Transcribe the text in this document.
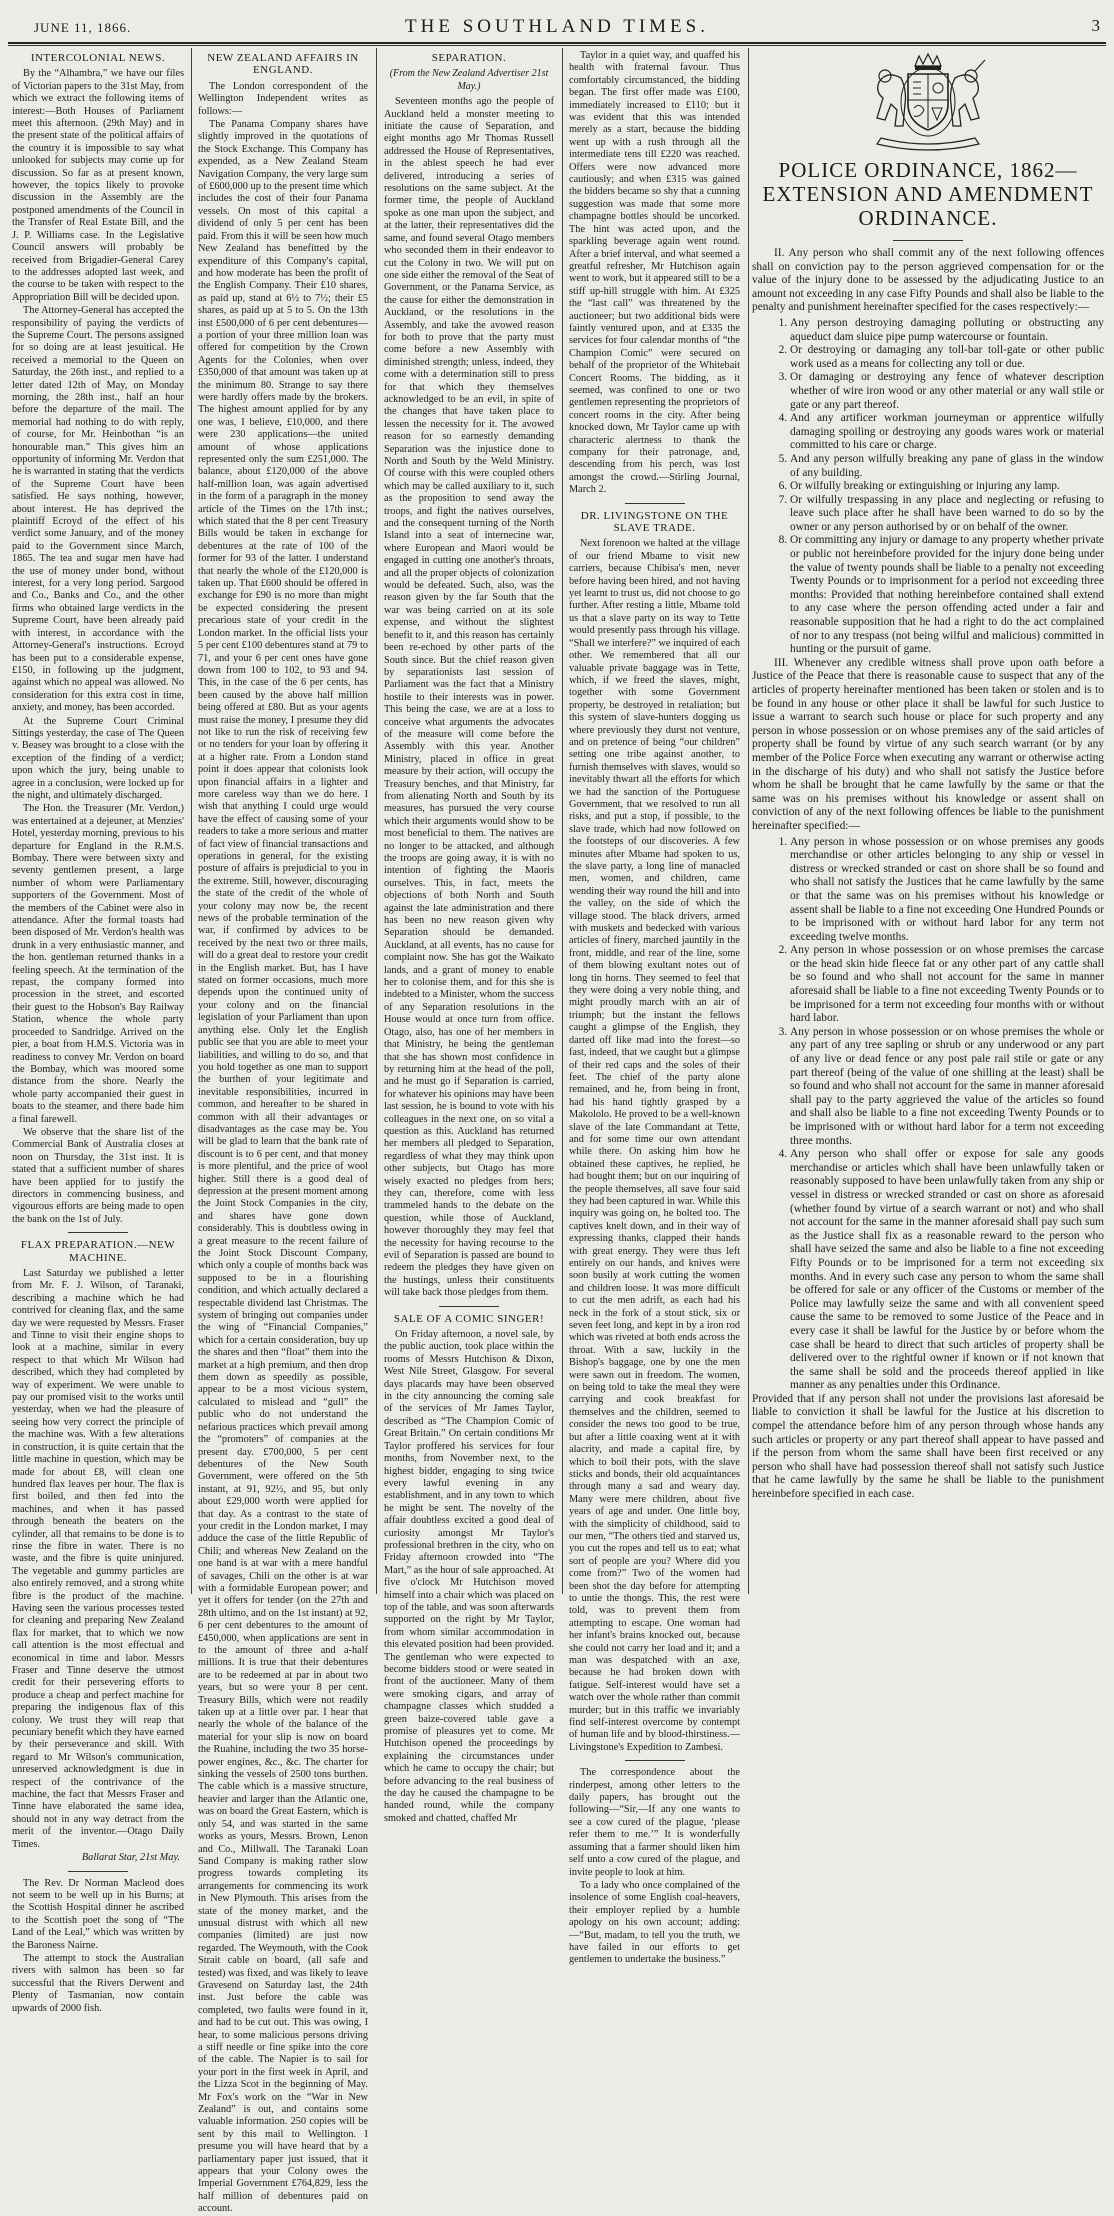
JUNE 11, 1866.	THE SOUTHLAND TIMES.	3
INTERCOLONIAL NEWS.

By the “Alhambra,” we have our files of Victorian papers to the 31st May, from which we extract the following items of interest:—Both Houses of Parliament meet this afternoon. (29th May) and in the present state of the political affairs of the country it is impossible to say what unlooked for subjects may come up for discussion. So far as at present known, however, the topics likely to provoke discussion in the Assembly are the postponed amendments of the Council in the Transfer of Real Estate Bill, and the J. P. Williams case. In the Legislative Council answers will probably be received from Brigadier-General Carey to the addresses adopted last week, and the course to be taken with respect to the Appropriation Bill will be decided upon.

The Attorney-General has accepted the responsibility of paying the verdicts of the Supreme Court. The persons assigned for so doing are at least jesuitical. He received a memorial to the Queen on Saturday, the 26th inst., and replied to a letter dated 12th of May, on Monday morning, the 28th inst., half an hour before the departure of the mail. The memorial had nothing to do with reply, of course, for Mr. Heinbothan “is an honourable man.” This gives him an opportunity of informing Mr. Verdon that he is warranted in stating that the verdicts of the Supreme Court have been satisfied. He says nothing, however, about interest. He has deprived the plaintiff Ecroyd of the effect of his verdict some January, and of the money paid to the Government since March, 1865. The tea and sugar men have had the use of money under bond, without interest, for a very long period. Sargood and Co., Banks and Co., and the other firms who obtained large verdicts in the Supreme Court, have been already paid with interest, in accordance with the Attorney-General's instructions. Ecroyd has been put to a considerable expense, £150, in following up the judgment, against which no appeal was allowed. No consideration for this extra cost in time, anxiety, and money, has been accorded.

At the Supreme Court Criminal Sittings yesterday, the case of The Queen v. Beasey was brought to a close with the exception of the finding of a verdict; upon which the jury, being unable to agree in a conclusion, were locked up for the night, and ultimately discharged.

The Hon. the Treasurer (Mr. Verdon,) was entertained at a dejeuner, at Menzies' Hotel, yesterday morning, previous to his departure for England in the R.M.S. Bombay. There were between sixty and seventy gentlemen present, a large number of whom were Parliamentary supporters of the Government. Most of the members of the Cabinet were also in attendance. After the formal toasts had been disposed of Mr. Verdon's health was drunk in a very enthusiastic manner, and the hon. gentleman returned thanks in a feeling speech. At the termination of the repast, the company formed into procession in the street, and escorted their guest to the Hobson's Bay Railway Station, whence the whole party proceeded to Sandridge. Arrived on the pier, a boat from H.M.S. Victoria was in readiness to convey Mr. Verdon on board the Bombay, which was moored some distance from the shore. Nearly the whole party accompanied their guest in boats to the steamer, and there bade him a final farewell.

We observe that the share list of the Commercial Bank of Australia closes at noon on Thursday, the 31st inst. It is stated that a sufficient number of shares have been applied for to justify the directors in commencing business, and vigourous efforts are being made to open the bank on the 1st of July.

FLAX PREPARATION.—NEW MACHINE.

Last Saturday we published a letter from Mr. F. J. Wilson, of Taranaki, describing a machine which he had contrived for cleaning flax, and the same day we were requested by Messrs. Fraser and Tinne to visit their engine shops to look at a machine, similar in every respect to that which Mr Wilson had described, which they had completed by way of experiment. We were unable to pay our promised visit to the works until yesterday, when we had the pleasure of seeing how very correct the principle of the machine was. With a few alterations in construction, it is quite certain that the little machine in question, which may be made for about £8, will clean one hundred flax leaves per hour. The flax is first boiled, and then fed into the machines, and when it has passed through beneath the beaters on the cylinder, all that remains to be done is to rinse the fibre in water. There is no waste, and the fibre is quite uninjured. The vegetable and gummy particles are also entirely removed, and a strong white fibre is the product of the machine. Having seen the various processes tested for cleaning and preparing New Zealand flax for market, that to which we now call attention is the most effectual and economical in time and labor. Messrs Fraser and Tinne deserve the utmost credit for their persevering efforts to produce a cheap and perfect machine for preparing the indigenous flax of this colony. We trust they will reap that pecuniary benefit which they have earned by their perseverance and skill. With regard to Mr Wilson's communication, unreserved acknowledgment is due in respect of the contrivance of the machine, the fact that Messrs Fraser and Tinne have elaborated the same idea, should not in any way detract from the merit of the inventor.—Otago Daily Times.

Ballarat Star, 21st May.

The Rev. Dr Norman Macleod does not seem to be well up in his Burns; at the Scottish Hospital dinner he ascribed to the Scottish poet the song of “The Land of the Leal,” which was written by the Baroness Nairne.

The attempt to stock the Australian rivers with salmon has been so far successful that the Rivers Derwent and Plenty of Tasmanian, now contain upwards of 2000 fish.

NEW ZEALAND AFFAIRS IN ENGLAND.

The London correspondent of the Wellington Independent writes as follows:—

The Panama Company shares have slightly improved in the quotations of the Stock Exchange. This Company has expended, as a New Zealand Steam Navigation Company, the very large sum of £600,000 up to the present time which includes the cost of their four Panama vessels. On most of this capital a dividend of only 5 per cent has been paid. From this it will be seen how much New Zealand has benefitted by the expenditure of this Company's capital, and how moderate has been the profit of the English Company. Their £10 shares, as paid up, stand at 6½ to 7½; their £5 shares, as paid up at 5 to 5. On the 13th inst £500,000 of 6 per cent debentures—a portion of your three million loan was offered for competition by the Crown Agents for the Colonies, when over £350,000 of that amount was taken up at the minimum 80. Strange to say there were hardly offers made by the brokers. The highest amount applied for by any one was, I believe, £10,000, and there were 230 applications—the united amount of whose applications represented only the sum £251,000. The balance, about £120,000 of the above half-million loan, was again advertised in the form of a paragraph in the money article of the Times on the 17th inst.; which stated that the 8 per cent Treasury Bills would be taken in exchange for debentures at the rate of 100 of the former for 93 of the latter. I understand that nearly the whole of the £120,000 is taken up. That £600 should be offered in exchange for £90 is no more than might be expected considering the present precarious state of your credit in the London market. In the official lists your 5 per cent £100 debentures stand at 79 to 71, and your 6 per cent ones have gone down from 100 to 102, to 93 and 94. This, in the case of the 6 per cents, has been caused by the above half million being offered at £80. But as your agents must raise the money, I presume they did not like to run the risk of receiving few or no tenders for your loan by offering it at a higher rate. From a London stand point it does appear that colonists look upon financial affairs in a lighter and more careless way than we do here. I wish that anything I could urge would have the effect of causing some of your readers to take a more serious and matter of fact view of financial transactions and operations in general, for the existing posture of affairs is prejudicial to you in the extreme. Still, however, discouraging the state of the credit of the whole of your colony may now be, the recent news of the probable termination of the war, if confirmed by advices to be received by the next two or three mails, will do a great deal to restore your credit in the English market. But, has I have stated on former occasions, much more depends upon the continued unity of your colony and on the financial legislation of your Parliament than upon anything else. Only let the English public see that you are able to meet your liabilities, and willing to do so, and that you hold together as one man to support the burthen of your legitimate and inevitable responsibilities, incurred in common, and hereafter to be shared in common with all their advantages or disadvantages as the case may be. You will be glad to learn that the bank rate of discount is to 6 per cent, and that money is more plentiful, and the price of wool higher. Still there is a good deal of depression at the present moment among the Joint Stock Companies in the city, and shares have gone down considerably. This is doubtless owing in a great measure to the recent failure of the Joint Stock Discount Company, which only a couple of months back was supposed to be in a flourishing condition, and which actually declared a respectable dividend last Christmas. The system of bringing out companies under the wing of “Financial Companies,” which for a certain consideration, buy up the shares and then “float” them into the market at a high premium, and then drop them down as speedily as possible, appear to be a most vicious system, calculated to mislead and “gull” the public who do not understand the nefarious practices which prevail among the “promoters” of companies at the present day. £700,000, 5 per cent debentures of the New South Government, were offered on the 5th instant, at 91, 92½, and 95, but only about £29,000 worth were applied for that day. As a contrast to the state of your credit in the London market, I may adduce the case of the little Republic of Chili; and whereas New Zealand on the one hand is at war with a mere handful of savages, Chili on the other is at war with a formidable European power; and yet it offers for tender (on the 27th and 28th ultimo, and on the 1st instant) at 92, 6 per cent debentures to the amount of £450,000, when applications are sent in to the amount of three and a-half millions. It is true that their debentures are to be redeemed at par in about two years, but so were your 8 per cent. Treasury Bills, which were not readily taken up at a little over par. I hear that nearly the whole of the balance of the material for your slip is now on board the Ruahine, including the two 35 horse-power engines, &c., &c. The charter for sinking the vessels of 2500 tons burthen. The cable which is a massive structure, heavier and larger than the Atlantic one, was on board the Great Eastern, which is only 54, and was started in the same works as yours, Messrs. Brown, Lenon and Co., Millwall. The Taranaki Loan Sand Company is making rather slow progress towards completing its arrangements for commencing its work in New Plymouth. This arises from the state of the money market, and the unusual distrust with which all new companies (limited) are just now regarded. The Weymouth, with the Cook Strait cable on board, (all safe and tested) was fixed, and was likely to leave Gravesend on Saturday last, the 24th inst. Just before the cable was completed, two faults were found in it, and had to be cut out. This was owing, I hear, to some malicious persons driving a stiff needle or fine spike into the core of the cable. The Napier is to sail for your port in the first week in April, and the Lizza Scot in the beginning of May. Mr Fox's work on the “War in New Zealand” is out, and contains some valuable information. 250 copies will be sent by this mail to Wellington. I presume you will have heard that by a parliamentary paper just issued, that it appears that your Colony owes the Imperial Government £764,829, less the half million of debentures paid on account.

SEPARATION.
(From the New Zealand Advertiser 21st May.)

Seventeen months ago the people of Auckland held a monster meeting to initiate the cause of Separation, and eight months ago Mr Thomas Russell addressed the House of Representatives, in the ablest speech he had ever delivered, introducing a series of resolutions on the same subject. At the former time, the people of Auckland spoke as one man upon the subject, and at the latter, their representatives did the same, and found several Otago members who seconded them in their endeavor to cut the Colony in two. We will put on one side either the removal of the Seat of Government, or the Panama Service, as the cause for either the demonstration in Auckland, or the resolutions in the Assembly, and take the avowed reason for both to prove that the party must come before a new Assembly with diminished strength; unless, indeed, they come with a determination still to press for that which they themselves acknowledged to be an evil, in spite of the changes that have taken place to lessen the necessity for it. The avowed reason for so earnestly demanding Separation was the injustice done to North and South by the Weld Ministry. Of course with this were coupled others which may be called auxiliary to it, such as the proposition to send away the troops, and fight the natives ourselves, and the consequent turning of the North Island into a seat of internecine war, where European and Maori would be engaged in cutting one another's throats, and all the proper objects of colonization would be defeated. Such, also, was the reason given by the far South that the war was being carried on at its sole expense, and without the slightest benefit to it, and this reason has certainly been re-echoed by other parts of the South since. But the chief reason given by separationists last session of Parliament was the fact that a Ministry hostile to their interests was in power. This being the case, we are at a loss to conceive what arguments the advocates of the measure will come before the Assembly with this year. Another Ministry, placed in office in great measure by their action, will occupy the Treasury benches, and that Ministry, far from alienating North and South by its measures, has pursued the very course which their arguments would show to be most beneficial to them. The natives are no longer to be attacked, and although the troops are going away, it is with no intention of fighting the Maoris ourselves. This, in fact, meets the objections of both North and South against the late administration and there has been no new reason given why Separation should be demanded. Auckland, at all events, has no cause for complaint now. She has got the Waikato lands, and a grant of money to enable her to colonise them, and for this she is indebted to a Minister, whom the success of any Separation resolutions in the House would at once turn from office. Otago, also, has one of her members in that Ministry, he being the gentleman that she has shown most confidence in by returning him at the head of the poll, and he must go if Separation is carried, for whatever his opinions may have been last session, he is bound to vote with his colleagues in the next one, on so vital a question as this. Auckland has returned her members all pledged to Separation, regardless of what they may think upon other subjects, but Otago has more wisely exacted no pledges from hers; they can, therefore, come with less trammeled hands to the debate on the question, while those of Auckland, however thoroughly they may feel that the necessity for having recourse to the evil of Separation is passed are bound to redeem the pledges they have given on the hustings, unless their constituents will take back those pledges from them.

SALE OF A COMIC SINGER!

On Friday afternoon, a novel sale, by the public auction, took place within the rooms of Messrs Hutchison & Dixon, West Nile Street, Glasgow. For several days placards may have been observed in the city announcing the coming sale of the services of Mr James Taylor, described as “The Champion Comic of Great Britain.” On certain conditions Mr Taylor proffered his services for four months, from November next, to the highest bidder, engaging to sing twice every lawful evening in any establishment, and in any town to which he might be sent. The novelty of the affair doubtless excited a good deal of curiosity amongst Mr Taylor's professional brethren in the city, who on Friday afternoon crowded into “The Mart,” as the hour of sale approached. At five o'clock Mr Hutchison moved himself into a chair which was placed on top of the table, and was soon afterwards supported on the right by Mr Taylor, from whom similar accommodation in this elevated position had been provided. The gentleman who were expected to become bidders stood or were seated in front of the auctioneer. Many of them were smoking cigars, and array of champagne classes which studded a green baize-covered table gave a promise of pleasures yet to come. Mr Hutchison opened the proceedings by explaining the circumstances under which he came to occupy the chair; but before advancing to the real business of the day he caused the champagne to be handed round, while the company smoked and chatted, chaffed Mr

Taylor in a quiet way, and quaffed his health with fraternal favour. Thus comfortably circumstanced, the bidding began. The first offer made was £100, immediately increased to £110; but it was evident that this was intended merely as a start, because the bidding went up with a rush through all the intermediate tens till £220 was reached. Offers were now advanced more cautiously; and when £315 was gained the bidders became so shy that a cunning suggestion was made that some more champagne bottles should be uncorked. The hint was acted upon, and the sparkling beverage again went round. After a brief interval, and what seemed a greatful refresher, Mr Hutchison again went to work, but it appeared still to be a stiff up-hill struggle with him. At £325 the “last call” was threatened by the auctioneer; but two additional bids were faintly ventured upon, and at £335 the services for four calendar months of “the Champion Comic” were secured on behalf of the proprietor of the Whitebait Concert Rooms. The bidding, as it seemed, was confined to one or two gentlemen representing the proprietors of concert rooms in the city. After being knocked down, Mr Taylor came up with characteric alertness to thank the company for their patronage, and, descending from his perch, was lost amongst the crowd.—Stirling Journal, March 2.

DR. LIVINGSTONE ON THE SLAVE TRADE.

Next forenoon we halted at the village of our friend Mbame to visit new carriers, because Chibisa's men, never before having been hired, and not having yet learnt to trust us, did not choose to go further. After resting a little, Mbame told us that a slave party on its way to Tette would presently pass through his village. “Shall we interfere?” we inquired of each other. We remembered that all our valuable private baggage was in Tette, which, if we freed the slaves, might, together with some Government property, be destroyed in retaliation; but this system of slave-hunters dogging us where previously they durst not venture, and on pretence of being “our children” setting one tribe against another, to furnish themselves with slaves, would so inevitably thwart all the efforts for which we had the sanction of the Portuguese Government, that we resolved to run all risks, and put a stop, if possible, to the slave trade, which had now followed on the footsteps of our discoveries. A few minutes after Mbame had spoken to us, the slave party, a long line of manacled men, women, and children, came wending their way round the hill and into the valley, on the side of which the village stood. The black drivers, armed with muskets and bedecked with various articles of finery, marched jauntily in the front, middle, and rear of the line, some of them blowing exultant notes out of long tin horns. They seemed to feel that they were doing a very noble thing, and might proudly march with an air of triumph; but the instant the fellows caught a glimpse of the English, they darted off like mad into the forest—so fast, indeed, that we caught but a glimpse of their red caps and the soles of their feet. The chief of the party alone remained, and he, from being in front, had his hand tightly grasped by a Makololo. He proved to be a well-known slave of the late Commandant at Tette, and for some time our own attendant while there. On asking him how he obtained these captives, he replied, he had bought them; but on our inquiring of the people themselves, all save four said they had been captured in war. While this inquiry was going on, he bolted too. The captives knelt down, and in their way of expressing thanks, clapped their hands with great energy. They were thus left entirely on our hands, and knives were soon busily at work cutting the women and children loose. It was more difficult to cut the men adrift, as each had his neck in the fork of a stout stick, six or seven feet long, and kept in by a iron rod which was riveted at both ends across the throat. With a saw, luckily in the Bishop's baggage, one by one the men were sawn out in freedom. The women, on being told to take the meal they were carrying and cook breakfast for themselves and the children, seemed to consider the news too good to be true, but after a little coaxing went at it with alacrity, and made a capital fire, by which to boil their pots, with the slave sticks and bonds, their old acquaintances through many a sad and weary day. Many were mere children, about five years of age and under. One little boy, with the simplicity of childhood, said to our men, “The others tied and starved us, you cut the ropes and tell us to eat; what sort of people are you? Where did you come from?” Two of the women had been shot the day before for attempting to untie the thongs. This, the rest were told, was to prevent them from attempting to escape. One woman had her infant's brains knocked out, because she could not carry her load and it; and a man was despatched with an axe, because he had broken down with fatigue. Self-interest would have set a watch over the whole rather than commit murder; but in this traffic we invariably find self-interest overcome by contempt of human life and by blood-thirstiness.—Livingstone's Expedition to Zambesi.

The correspondence about the rinderpest, among other letters to the daily papers, has brought out the following—“Sir,—If any one wants to see a cow cured of the plague, ‘please refer them to me.’” It is wonderfully assuming that a farmer should liken him self unto a cow cured of the plague, and invite people to look at him.

To a lady who once complained of the insolence of some English coal-heavers, their employer replied by a humble apology on his own account; adding:—“But, madam, to tell you the truth, we have failed in our efforts to get gentlemen to undertake the business.”

POLICE ORDINANCE, 1862—EXTENSION AND AMENDMENT ORDINANCE.

II. Any person who shall commit any of the next following offences shall on conviction pay to the person aggrieved compensation for or the value of the injury done to be assessed by the adjudicating Justice to an amount not exceeding in any case Fifty Pounds and shall also be liable to the penalty and punishment hereinafter specified for the cases respectively:—

1. Any person destroying damaging polluting or obstructing any aqueduct dam sluice pipe pump watercourse or fountain.
2. Or destroying or damaging any toll-bar toll-gate or other public work used as a means for collecting any toll or due.
3. Or damaging or destroying any fence of whatever description whether of wire iron wood or any other material or any wall stile or gate or any part thereof.
4. And any artificer workman journeyman or apprentice wilfully damaging spoiling or destroying any goods wares work or material committed to his care or charge.
5. And any person wilfully breaking any pane of glass in the window of any building.
6. Or wilfully breaking or extinguishing or injuring any lamp.
7. Or wilfully trespassing in any place and neglecting or refusing to leave such place after he shall have been warned to do so by the owner or any person authorised by or on behalf of the owner.
8. Or committing any injury or damage to any property whether private or public not hereinbefore provided for the injury done being under the value of twenty pounds shall be liable to a penalty not exceeding Twenty Pounds or to imprisonment for a period not exceeding three months: Provided that nothing hereinbefore contained shall extend to any case where the person offending acted under a fair and reasonable supposition that he had a right to do the act complained of nor to any trespass (not being wilful and malicious) committed in hunting or the pursuit of game.

III. Whenever any credible witness shall prove upon oath before a Justice of the Peace that there is reasonable cause to suspect that any of the articles of property hereinafter mentioned has been taken or stolen and is to be found in any house or other place it shall be lawful for such Justice to issue a warrant to search such house or place for such property and any person in whose possession or on whose premises any of the said articles of property shall be found by virtue of any such search warrant (or by any member of the Police Force when executing any warrant or otherwise acting in the discharge of his duty) and who shall not satisfy the Justice before whom he shall be brought that he came lawfully by the same or that the same was on his premises without his knowledge or assent shall on conviction of any of the next following offences be liable to the punishment hereinafter specified:—

1. Any person in whose possession or on whose premises any goods merchandise or other articles belonging to any ship or vessel in distress or wrecked stranded or cast on shore shall be so found and who shall not satisfy the Justices that he came lawfully by the same or that the same was on his premises without his knowledge or assent shall be liable to a fine not exceeding One Hundred Pounds or to be imprisoned with or without hard labor for any term not exceeding twelve months.
2. Any person in whose possession or on whose premises the carcase or the head skin hide fleece fat or any other part of any cattle shall be so found and who shall not account for the same in manner aforesaid shall be liable to a fine not exceeding Twenty Pounds or to be imprisoned for a term not exceeding four months with or without hard labor.
3. Any person in whose possession or on whose premises the whole or any part of any tree sapling or shrub or any underwood or any part of any live or dead fence or any post pale rail stile or gate or any part thereof (being of the value of one shilling at the least) shall be so found and who shall not account for the same in manner aforesaid shall pay to the party aggrieved the value of the articles so found and shall also be liable to a fine not exceeding Twenty Pounds or to be imprisoned with or without hard labor for a term not exceeding three months.
4. Any person who shall offer or expose for sale any goods merchandise or articles which shall have been unlawfully taken or reasonably supposed to have been unlawfully taken from any ship or vessel in distress or wrecked stranded or cast on shore as aforesaid (whether found by virtue of a search warrant or not) and who shall not account for the same in the manner aforesaid shall pay such sum as the Justice shall fix as a reasonable reward to the person who shall have seized the same and also be liable to a fine not exceeding Fifty Pounds or to be imprisoned for a term not exceeding six months. And in every such case any person to whom the same shall be offered for sale or any officer of the Customs or member of the Police may lawfully seize the same and with all convenient speed cause the same to be removed to some Justice of the Peace and in every case it shall be lawful for the Justice by or before whom the case shall be heard to direct that such articles of property shall be delivered over to the rightful owner if known or if not known that the same shall be sold and the proceeds thereof applied in like manner as any penalties under this Ordinance.

Provided that if any person shall not under the provisions last aforesaid be liable to conviction it shall be lawful for the Justice at his discretion to compel the attendance before him of any person through whose hands any such articles or property or any part thereof shall appear to have passed and if the person from whom the same shall have been first received or any person who shall have had possession thereof shall not satisfy such Justice that he came lawfully by the same he shall be liable to the punishment hereinbefore specified in each case.
